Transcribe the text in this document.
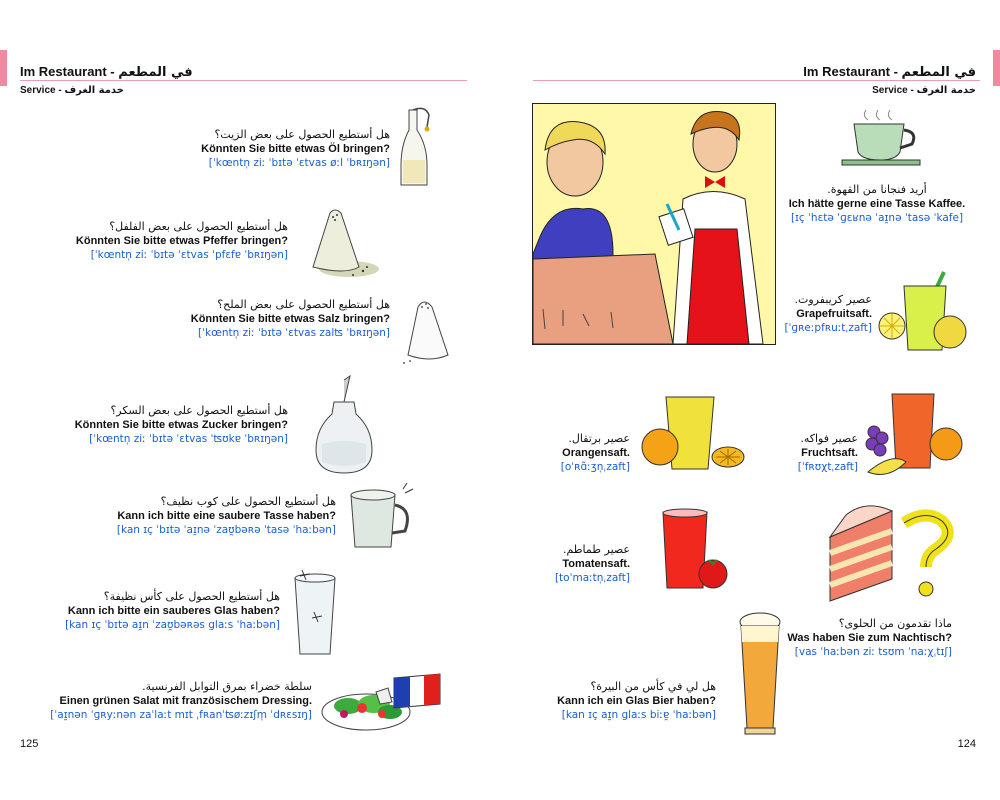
Im Restaurant - في المطعم
Service - خدمة الغرف
هل أستطيع الحصول على بعض الزيت؟
Könnten Sie bitte etwas Öl bringen?
[ˈkœntn̩ ziː ˈbɪtə ˈɛtvas øːl ˈbʀɪŋən]
هل أستطيع الحصول على بعض الفلفل؟
Könnten Sie bitte etwas Pfeffer bringen?
[ˈkœntn̩ ziː ˈbɪtə ˈɛtvas ˈpfɛfɐ ˈbʀɪŋən]
هل أستطيع الحصول على بعض الملح؟
Könnten Sie bitte etwas Salz bringen?
[ˈkœntn̩ ziː ˈbɪtə ˈɛtvas zalʦ ˈbʀɪŋən]
هل أستطيع الحصول على بعض السكر؟
Könnten Sie bitte etwas Zucker bringen?
[ˈkœntn̩ ziː ˈbɪtə ˈɛtvas ˈʦʊkɐ ˈbʀɪŋən]
هل أستطيع الحصول على كوب نظيف؟
Kann ich bitte eine saubere Tasse haben?
[kan ɪç ˈbɪtə ˈaɪ̯nə ˈzaʊ̯bəʀə ˈtasə ˈhaːbən]
هل أستطيع الحصول على كأس نظيفة؟
Kann ich bitte ein sauberes Glas haben?
[kan ɪç ˈbɪtə aɪ̯n ˈzaʊ̯bəʀəs glaːs ˈhaːbən]
سلطة خضراء بمرق التوابل الفرنسية.
Einen grünen Salat mit französischem Dressing.
[ˈaɪ̯nən ˈɡʀyːnən zaˈlaːt mɪt ˌfʀanˈʦøːzɪʃm̩ ˈdʀɛsɪŋ]
125
Im Restaurant - في المطعم
Service - خدمة الغرف
124
أريد فنجانا من القهوة.
Ich hätte gerne eine Tasse Kaffee.
[ɪç ˈhɛtə ˈɡɛʁnə ˈaɪ̯nə ˈtasə ˈkafe]
عصير كريبفروت.
Grapefruitsaft.
[ˈɡʀeːpfʀuːtˌzaft]
عصير برتقال.
Orangensaft.
[oˈʀɑ̃ːʒn̩ˌzaft]
عصير فواكه.
Fruchtsaft.
[ˈfʀʊχtˌzaft]
عصير طماطم.
Tomatensaft.
[toˈmaːtn̩ˌzaft]
ماذا تقدمون من الحلوى؟
Was haben Sie zum Nachtisch?
[vas ˈhaːbən ziː tsʊm ˈnaːχˌtɪʃ]
هل لي في كأس من البيرة؟
Kann ich ein Glas Bier haben?
[kan ɪç aɪ̯n glaːs biːɐ̯ ˈhaːbən]
